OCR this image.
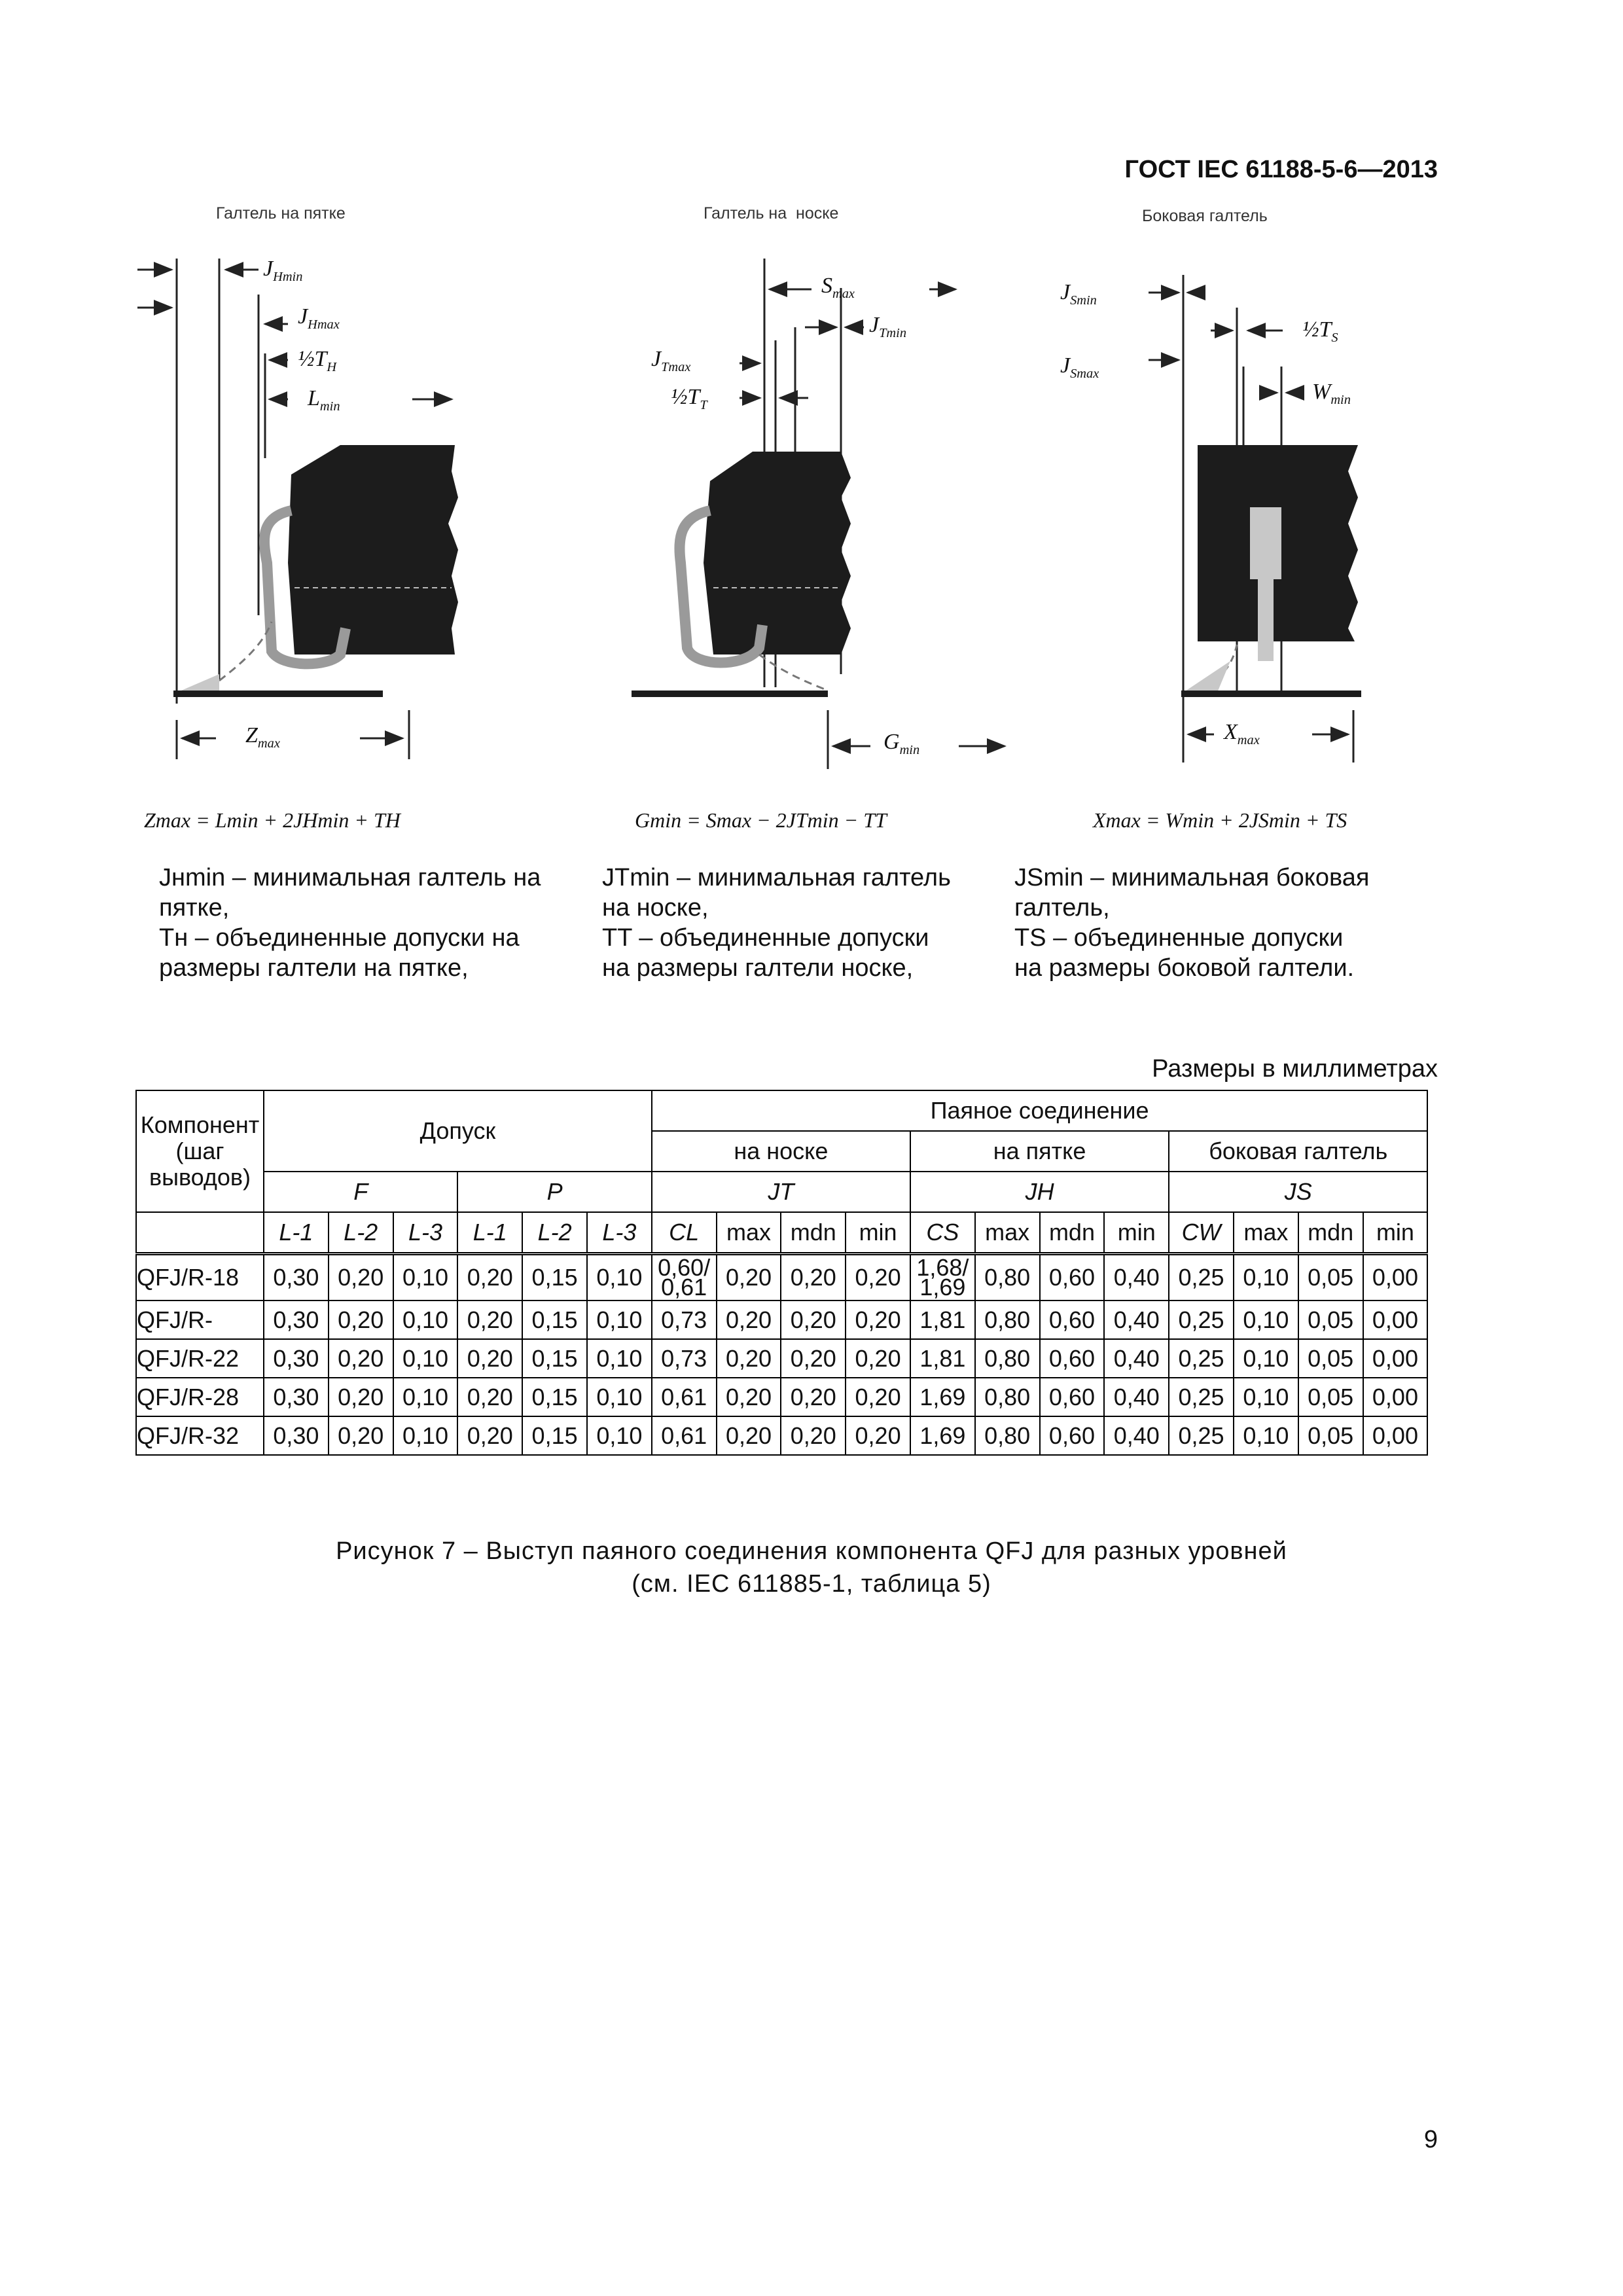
ГОСТ IEC 61188-5-6—2013
Галтель на пятке	Галтель на  носке	Боковая галтель
$J_{Hmin}$
$J_{Hmax}$
$\frac{1}{2}T_H$
$L_{min}$
$Z_{max}$
$S_{max}$
$J_{Tmin}$
$J_{Tmax}$
$\frac{1}{2}T_T$
$G_{min}$
$J_{Smin}$
$J_{Smax}$
$\frac{1}{2}T_S$
$W_{min}$
$X_{max}$
Zmax = Lmin + 2JHmin + TH	Gmin = Smax − 2JTmin − TT	Xmax = Wmin + 2JSmin + TS
Jнmin – минимальная галтель на
пятке,
Tн – объединенные допуски на
размеры галтели на пятке,
JTmin – минимальная галтель
на носке,
TT – объединенные допуски
на размеры галтели носке,
JSmin – минимальная боковая
галтель,
TS – объединенные допуски
на размеры боковой галтели.
Размеры в миллиметрах
Компонент (шаг выводов)	Допуск						Паяное соединение											
							на носке				на пятке				боковая галтель			
	F			P			JT				JH				JS			
	L-1	L-2	L-3	L-1	L-2	L-3	CL	max	mdn	min	CS	max	mdn	min	CW	max	mdn	min
QFJ/R-18	0,30	0,20	0,10	0,20	0,15	0,10	0,60/ 0,61	0,20	0,20	0,20	1,68/ 1,69	0,80	0,60	0,40	0,25	0,10	0,05	0,00
QFJ/R-	0,30	0,20	0,10	0,20	0,15	0,10	0,73	0,20	0,20	0,20	1,81	0,80	0,60	0,40	0,25	0,10	0,05	0,00
QFJ/R-22	0,30	0,20	0,10	0,20	0,15	0,10	0,73	0,20	0,20	0,20	1,81	0,80	0,60	0,40	0,25	0,10	0,05	0,00
QFJ/R-28	0,30	0,20	0,10	0,20	0,15	0,10	0,61	0,20	0,20	0,20	1,69	0,80	0,60	0,40	0,25	0,10	0,05	0,00
QFJ/R-32	0,30	0,20	0,10	0,20	0,15	0,10	0,61	0,20	0,20	0,20	1,69	0,80	0,60	0,40	0,25	0,10	0,05	0,00
Рисунок 7 – Выступ паяного соединения компонента QFJ для разных уровней
(см. IEC 611885-1, таблица 5)
9
